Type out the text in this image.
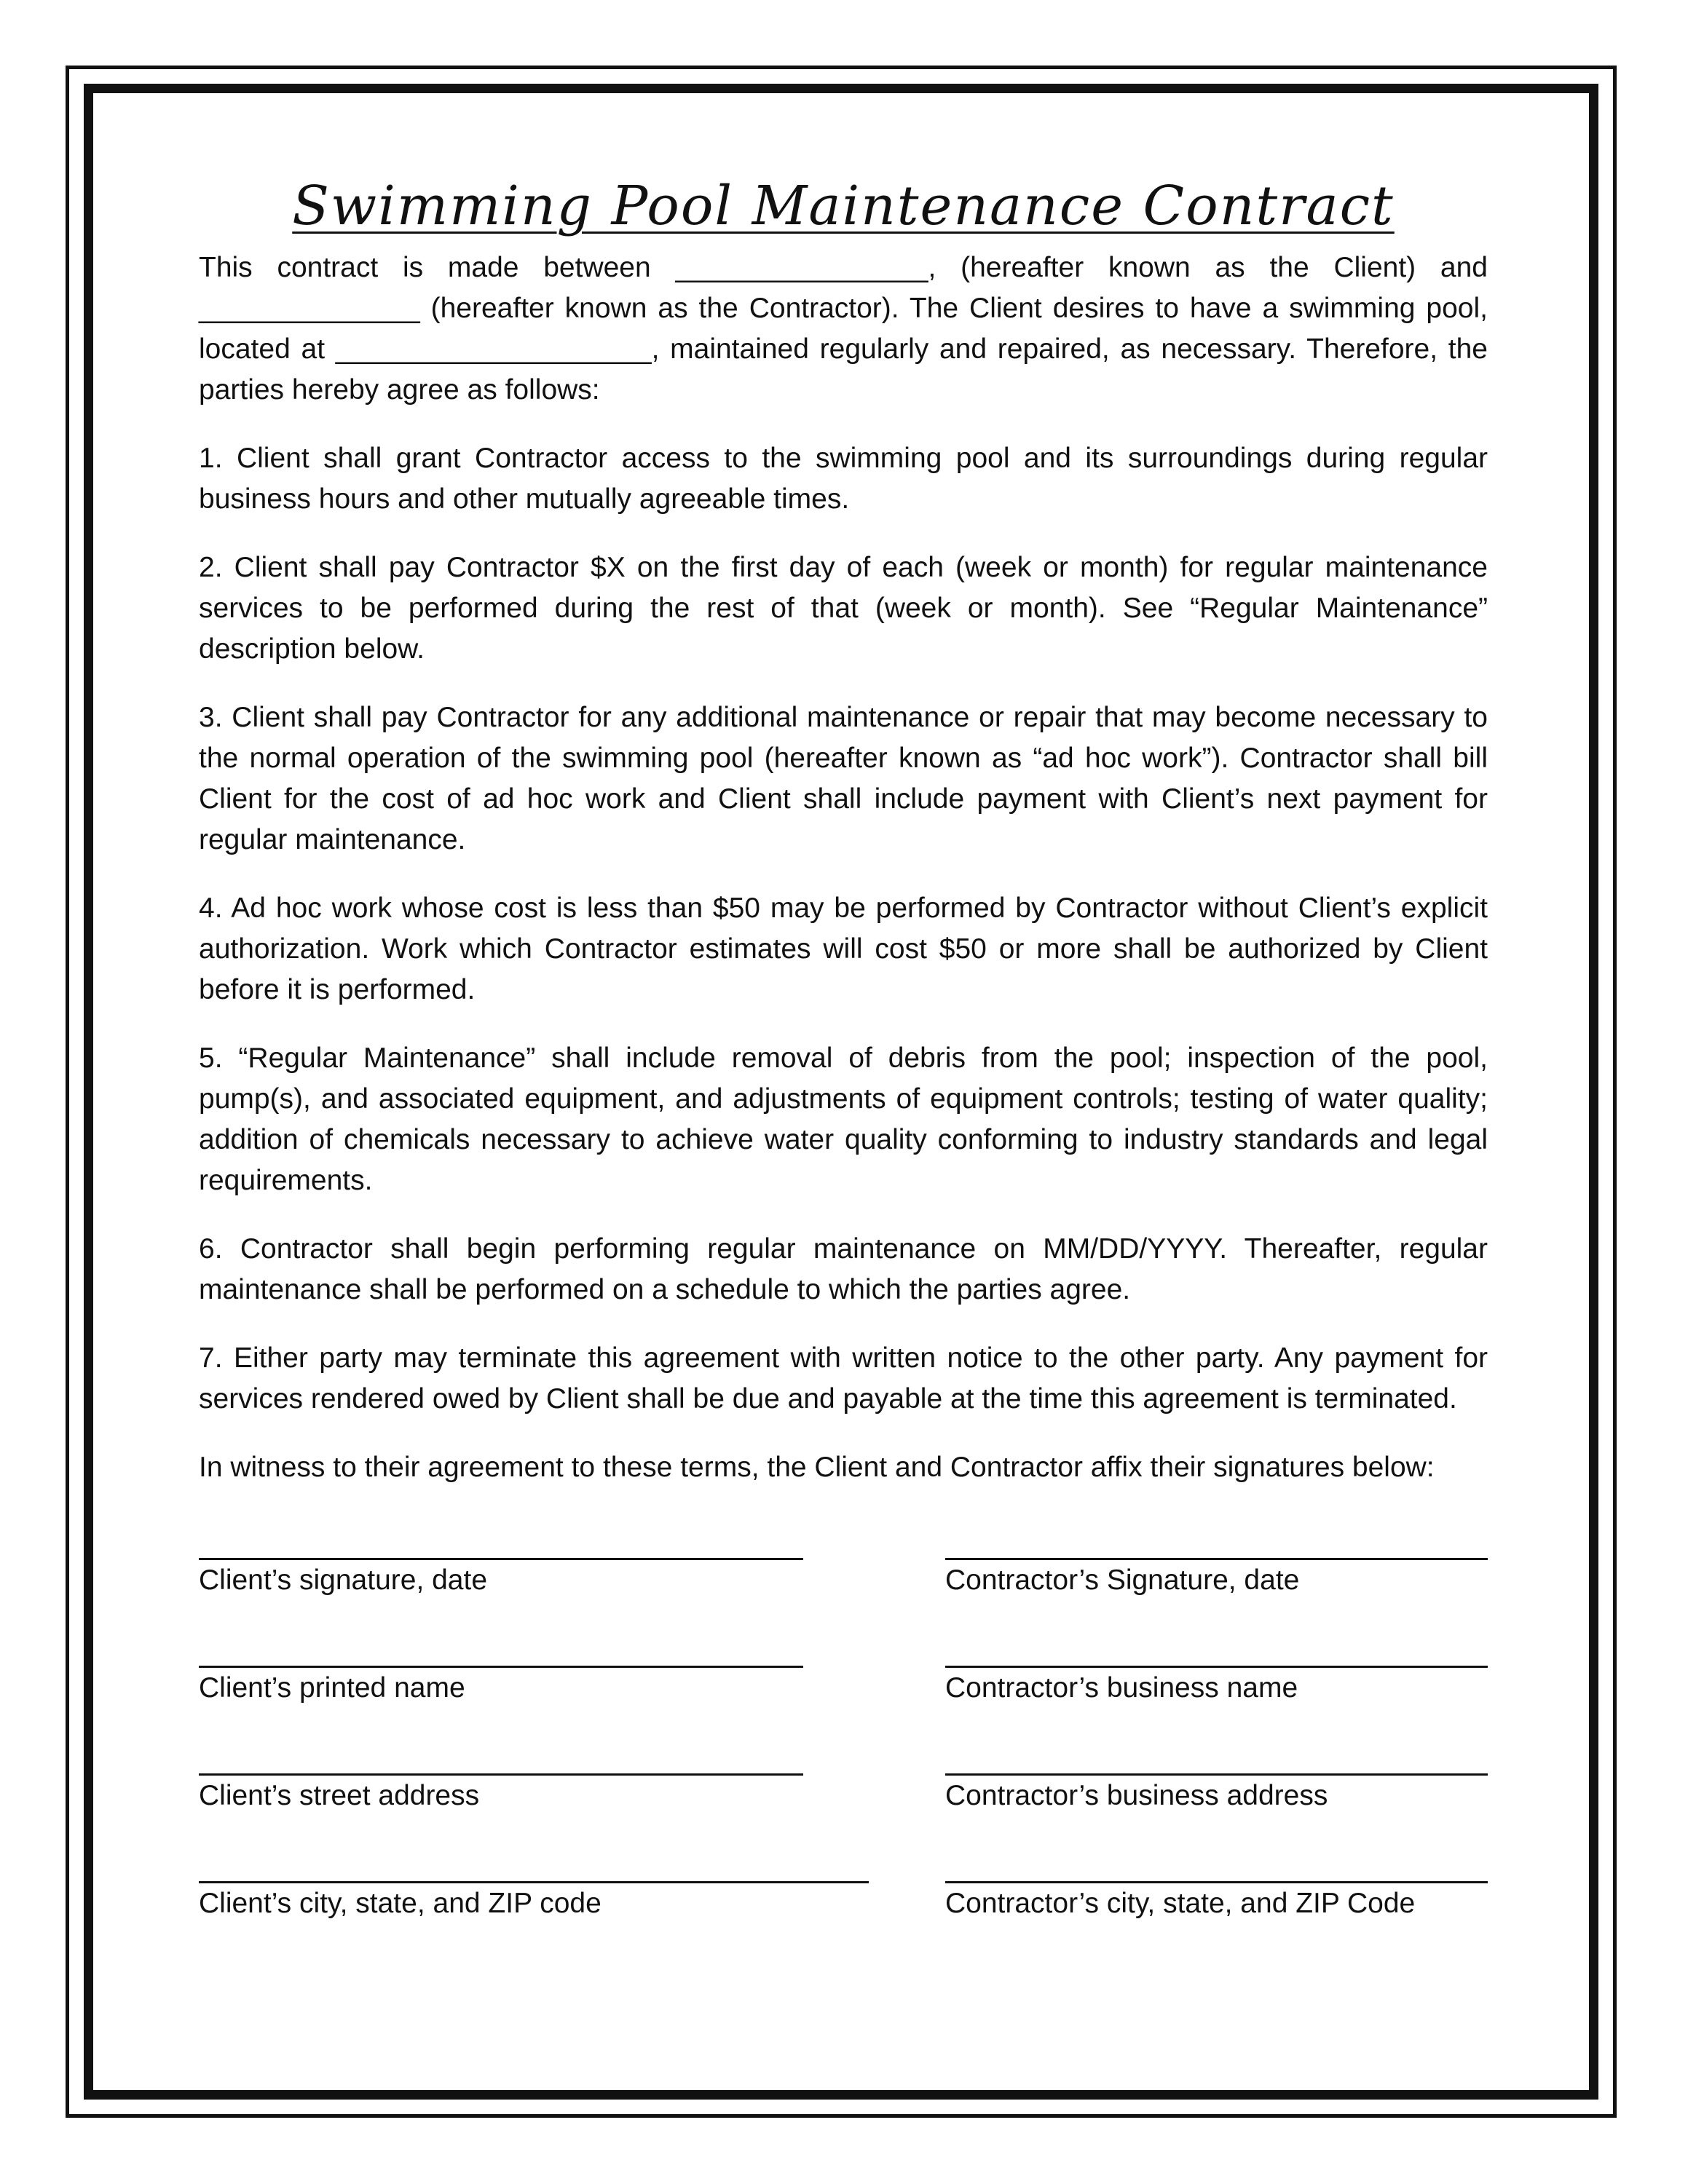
Swimming Pool Maintenance Contract

This contract is made between ________________, (hereafter known as the Client) and ______________ (hereafter known as the Contractor). The Client desires to have a swimming pool, located at ____________________, maintained regularly and repaired, as necessary. Therefore, the parties hereby agree as follows:

1. Client shall grant Contractor access to the swimming pool and its surroundings during regular business hours and other mutually agreeable times.

2. Client shall pay Contractor $X on the first day of each (week or month) for regular maintenance services to be performed during the rest of that (week or month). See “Regular Maintenance” description below.

3. Client shall pay Contractor for any additional maintenance or repair that may become necessary to the normal operation of the swimming pool (hereafter known as “ad hoc work”). Contractor shall bill Client for the cost of ad hoc work and Client shall include payment with Client’s next payment for regular maintenance.

4. Ad hoc work whose cost is less than $50 may be performed by Contractor without Client’s explicit authorization. Work which Contractor estimates will cost $50 or more shall be authorized by Client before it is performed.

5. “Regular Maintenance” shall include removal of debris from the pool; inspection of the pool, pump(s), and associated equipment, and adjustments of equipment controls; testing of water quality; addition of chemicals necessary to achieve water quality conforming to industry standards and legal requirements.

6. Contractor shall begin performing regular maintenance on MM/DD/YYYY. Thereafter, regular maintenance shall be performed on a schedule to which the parties agree.

7. Either party may terminate this agreement with written notice to the other party. Any payment for services rendered owed by Client shall be due and payable at the time this agreement is terminated.

In witness to their agreement to these terms, the Client and Contractor affix their signatures below:

Client’s signature, date	Contractor’s Signature, date
Client’s printed name	Contractor’s business name
Client’s street address	Contractor’s business address
Client’s city, state, and ZIP code	Contractor’s city, state, and ZIP Code
